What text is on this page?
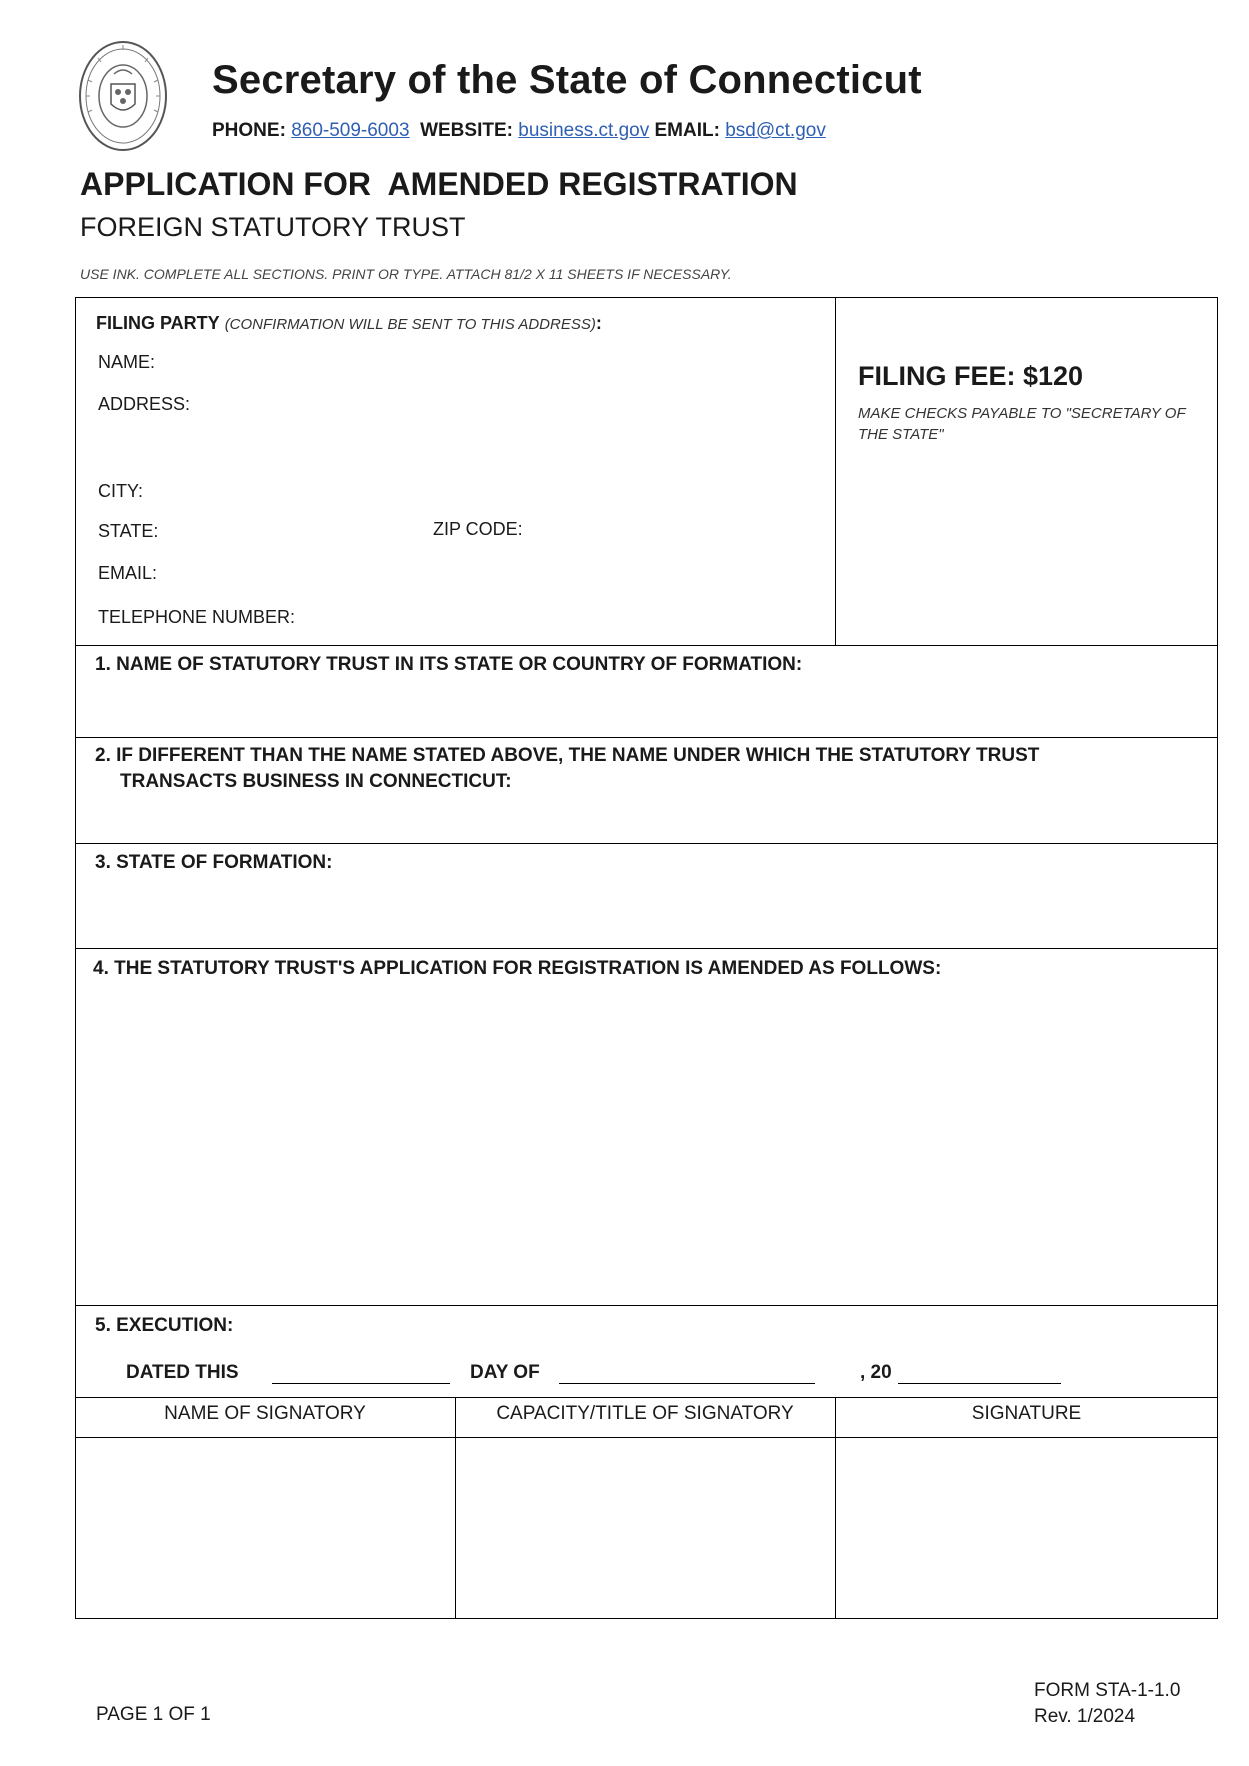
Secretary of the State of Connecticut
PHONE: 860-509-6003 WEBSITE: business.ct.gov EMAIL: bsd@ct.gov
APPLICATION FOR  AMENDED REGISTRATION
FOREIGN STATUTORY TRUST
USE INK. COMPLETE ALL SECTIONS. PRINT OR TYPE. ATTACH 81/2 X 11 SHEETS IF NECESSARY.
FILING PARTY (CONFIRMATION WILL BE SENT TO THIS ADDRESS):
NAME:
ADDRESS:
CITY:
STATE:	ZIP CODE:
EMAIL:
TELEPHONE NUMBER:
FILING FEE: $120
MAKE CHECKS PAYABLE TO "SECRETARY OF THE STATE"
1. NAME OF STATUTORY TRUST IN ITS STATE OR COUNTRY OF FORMATION:
2. IF DIFFERENT THAN THE NAME STATED ABOVE, THE NAME UNDER WHICH THE STATUTORY TRUST
TRANSACTS BUSINESS IN CONNECTICUT:
3. STATE OF FORMATION:
4. THE STATUTORY TRUST'S APPLICATION FOR REGISTRATION IS AMENDED AS FOLLOWS:
5. EXECUTION:
DATED THIS	DAY OF	, 20
NAME OF SIGNATORY	CAPACITY/TITLE OF SIGNATORY	SIGNATURE
PAGE 1 OF 1
FORM STA-1-1.0
Rev. 1/2024
